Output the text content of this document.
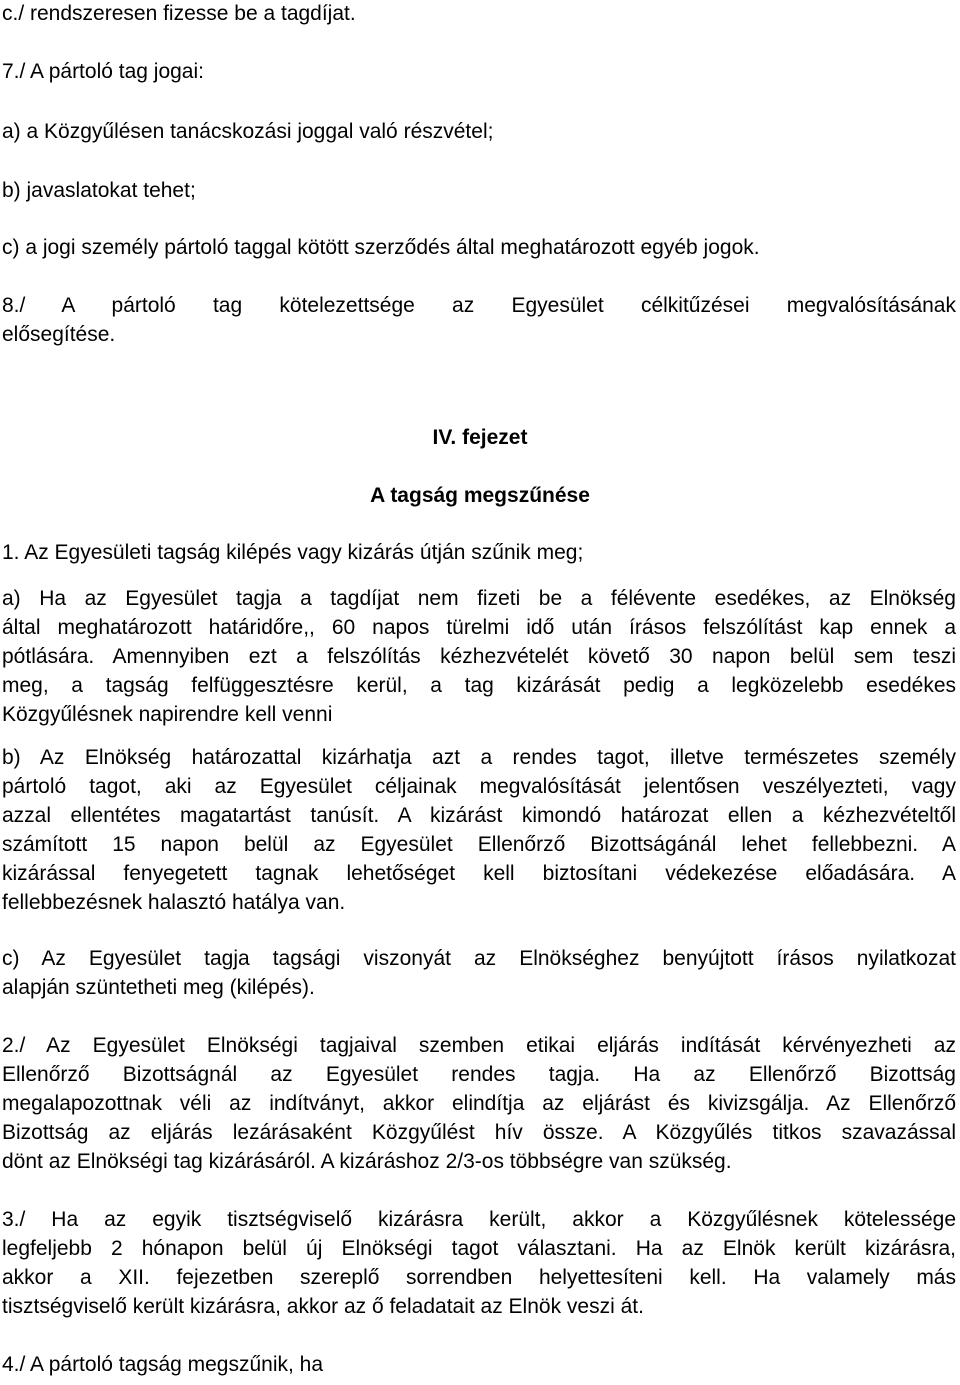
c./ rendszeresen fizesse be a tagdíjat.
7./ A pártoló tag jogai:
a) a Közgyűlésen tanácskozási joggal való részvétel;
b) javaslatokat tehet;
c) a jogi személy pártoló taggal kötött szerződés által meghatározott egyéb jogok.
8./ A pártoló tag kötelezettsége az Egyesület célkitűzései megvalósításának
elősegítése.
IV. fejezet
A tagság megszűnése
1. Az Egyesületi tagság kilépés vagy kizárás útján szűnik meg;
a) Ha az Egyesület tagja a tagdíjat nem fizeti be a félévente esedékes, az Elnökség
által meghatározott határidőre,, 60 napos türelmi idő után írásos felszólítást kap ennek a
pótlására. Amennyiben ezt a felszólítás kézhezvételét követő 30 napon belül sem teszi
meg, a tagság felfüggesztésre kerül, a tag kizárását pedig a legközelebb esedékes
Közgyűlésnek napirendre kell venni
b) Az Elnökség határozattal kizárhatja azt a rendes tagot, illetve természetes személy
pártoló tagot, aki az Egyesület céljainak megvalósítását jelentősen veszélyezteti, vagy
azzal ellentétes magatartást tanúsít. A kizárást kimondó határozat ellen a kézhezvételtől
számított 15 napon belül az Egyesület Ellenőrző Bizottságánál lehet fellebbezni. A
kizárással fenyegetett tagnak lehetőséget kell biztosítani védekezése előadására. A
fellebbezésnek halasztó hatálya van.
c) Az Egyesület tagja tagsági viszonyát az Elnökséghez benyújtott írásos nyilatkozat
alapján szüntetheti meg (kilépés).
2./ Az Egyesület Elnökségi tagjaival szemben etikai eljárás indítását kérvényezheti az
Ellenőrző Bizottságnál az Egyesület rendes tagja. Ha az Ellenőrző Bizottság
megalapozottnak véli az indítványt, akkor elindítja az eljárást és kivizsgálja. Az Ellenőrző
Bizottság az eljárás lezárásaként Közgyűlést hív össze. A Közgyűlés titkos szavazással
dönt az Elnökségi tag kizárásáról. A kizáráshoz 2/3-os többségre van szükség.
3./ Ha az egyik tisztségviselő kizárásra került, akkor a Közgyűlésnek kötelessége
legfeljebb 2 hónapon belül új Elnökségi tagot választani. Ha az Elnök került kizárásra,
akkor a XII. fejezetben szereplő sorrendben helyettesíteni kell. Ha valamely más
tisztségviselő került kizárásra, akkor az ő feladatait az Elnök veszi át.
4./ A pártoló tagság megszűnik, ha
